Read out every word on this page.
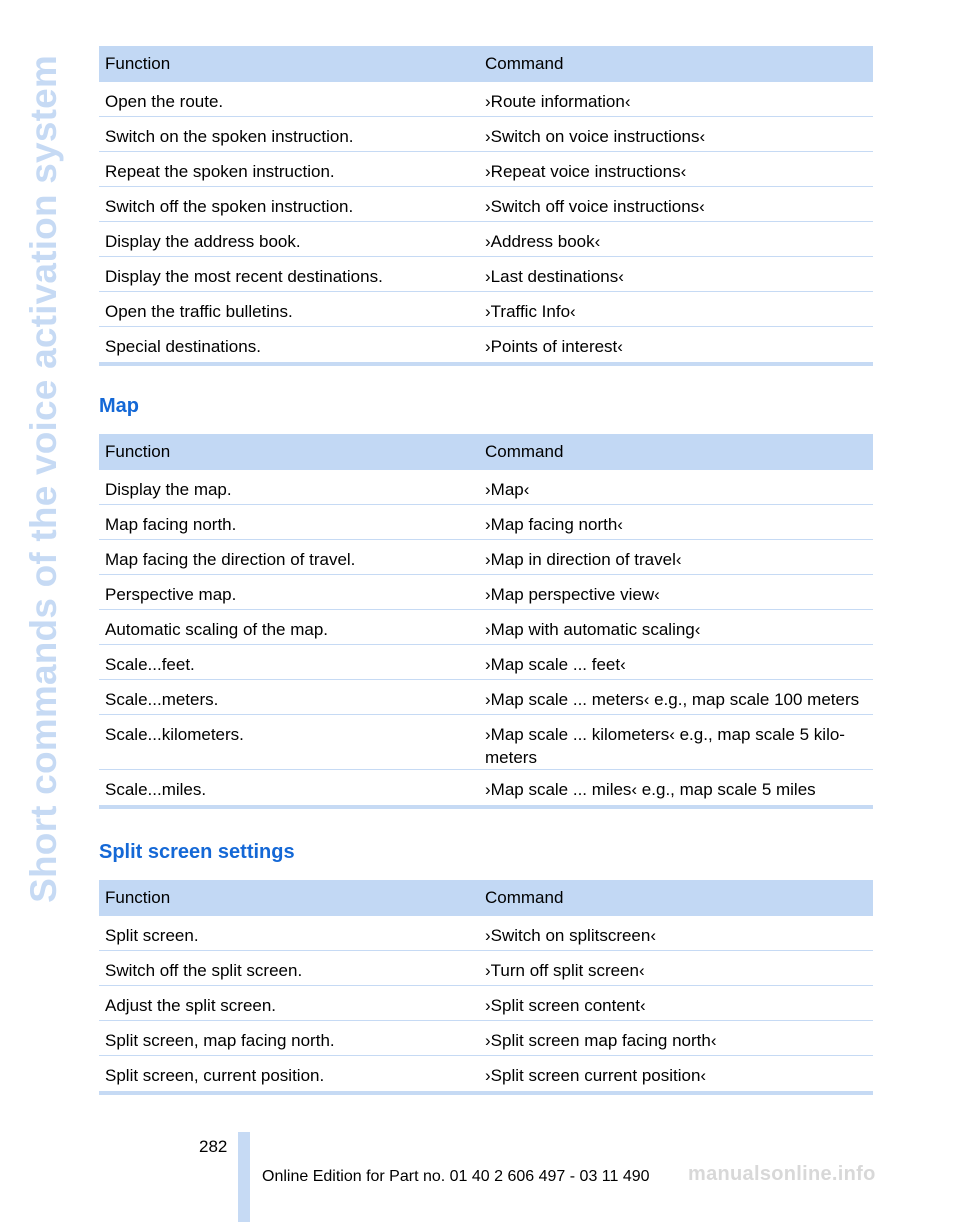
Short commands of the voice activation system	Function	Command
Open the route.	›Route information‹
Switch on the spoken instruction.	›Switch on voice instructions‹
Repeat the spoken instruction.	›Repeat voice instructions‹
Switch off the spoken instruction.	›Switch off voice instructions‹
Display the address book.	›Address book‹
Display the most recent destinations.	›Last destinations‹
Open the traffic bulletins.	›Traffic Info‹
Special destinations.	›Points of interest‹
Map
Function	Command
Display the map.	›Map‹
Map facing north.	›Map facing north‹
Map facing the direction of travel.	›Map in direction of travel‹
Perspective map.	›Map perspective view‹
Automatic scaling of the map.	›Map with automatic scaling‹
Scale...feet.	›Map scale ... feet‹
Scale...meters.	›Map scale ... meters‹ e.g., map scale 100 meters
Scale...kilometers.	›Map scale ... kilometers‹ e.g., map scale 5 kilo‐ meters
Scale...miles.	›Map scale ... miles‹ e.g., map scale 5 miles
Split screen settings
Function	Command
Split screen.	›Switch on splitscreen‹
Switch off the split screen.	›Turn off split screen‹
Adjust the split screen.	›Split screen content‹
Split screen, map facing north.	›Split screen map facing north‹
Split screen, current position.	›Split screen current position‹
282
Online Edition for Part no. 01 40 2 606 497 - 03 11 490 manualsonline.info
